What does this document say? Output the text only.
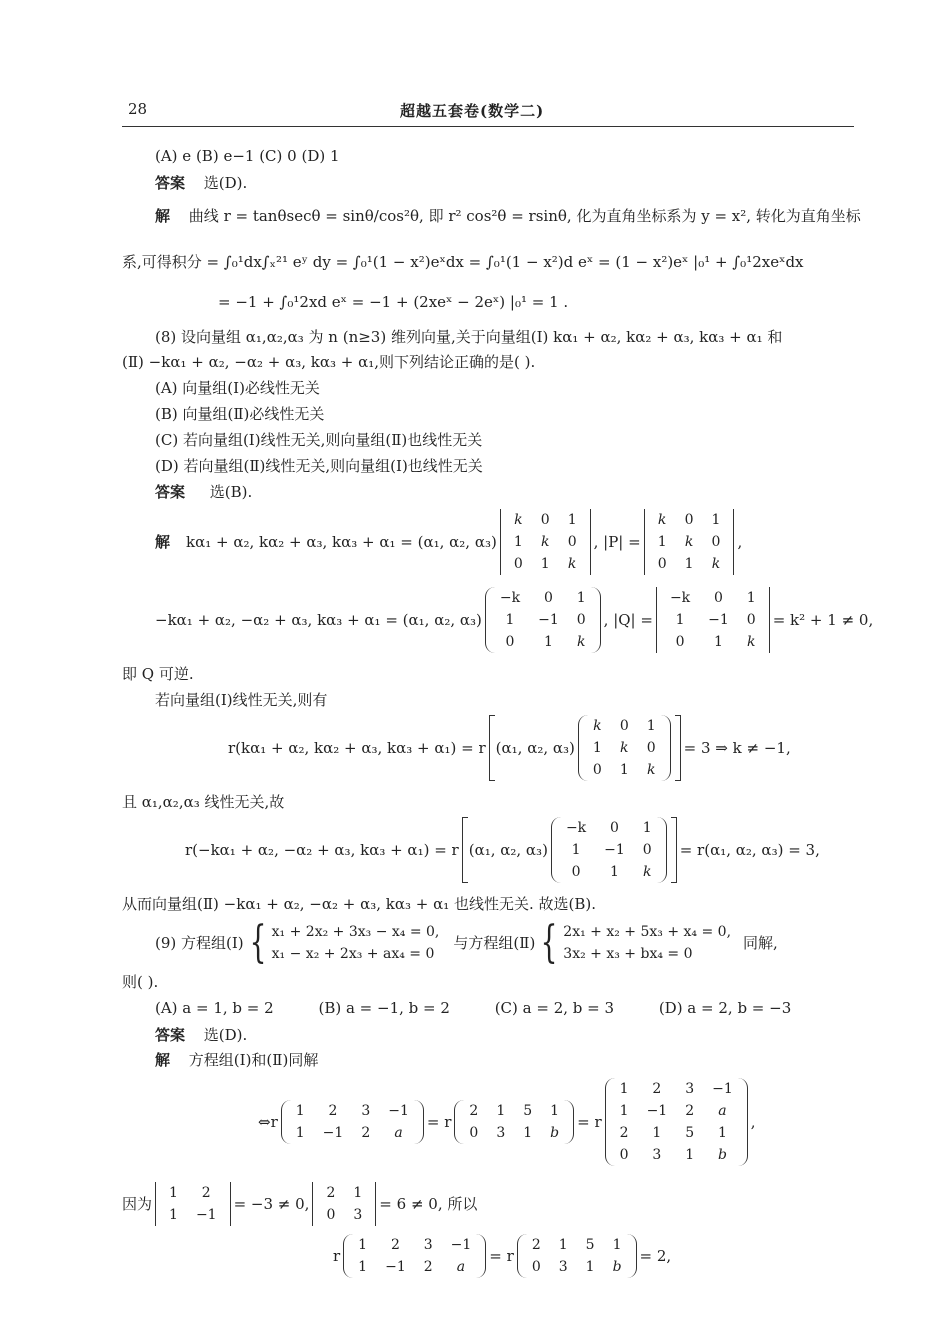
28	超越五套卷(数学二)
(A) e (B) e−1 (C) 0 (D) 1
答案 选(D).
解 曲线 r = tanθsecθ = sinθ/cos²θ, 即 r² cos²θ = rsinθ, 化为直角坐标系为 y = x², 转化为直角坐标
系,可得积分 = ∫₀¹dx∫ₓ²¹ eʸ dy = ∫₀¹(1 − x²)eˣdx = ∫₀¹(1 − x²)d eˣ = (1 − x²)eˣ |₀¹ + ∫₀¹2xeˣdx
= −1 + ∫₀¹2xd eˣ = −1 + (2xeˣ − 2eˣ) |₀¹ = 1 .
(8) 设向量组 α₁,α₂,α₃ 为 n (n≥3) 维列向量,关于向量组(Ⅰ) kα₁ + α₂, kα₂ + α₃, kα₃ + α₁ 和
(Ⅱ) −kα₁ + α₂, −α₂ + α₃, kα₃ + α₁,则下列结论正确的是( ).
(A) 向量组(Ⅰ)必线性无关
(B) 向量组(Ⅱ)必线性无关
(C) 若向量组(Ⅰ)线性无关,则向量组(Ⅱ)也线性无关
(D) 若向量组(Ⅱ)线性无关,则向量组(Ⅰ)也线性无关
答案 选(B).
解 kα₁ + α₂, kα₂ + α₃, kα₃ + α₁ = (α₁, α₂, α₃)
k	0	1
1	k	0
0	1	k
, |P| =
k	0	1
1	k	0
0	1	k
,
−kα₁ + α₂, −α₂ + α₃, kα₃ + α₁ = (α₁, α₂, α₃)
−k	0	1
1	−1	0
0	1	k
, |Q| =
−k	0	1
1	−1	0
0	1	k
= k² + 1 ≠ 0,
即 Q 可逆.
若向量组(Ⅰ)线性无关,则有
r(kα₁ + α₂, kα₂ + α₃, kα₃ + α₁) = r (α₁, α₂, α₃)
k	0	1
1	k	0
0	1	k
= 3 ⇒ k ≠ −1,
且 α₁,α₂,α₃ 线性无关,故
r(−kα₁ + α₂, −α₂ + α₃, kα₃ + α₁) = r (α₁, α₂, α₃)
−k	0	1
1	−1	0
0	1	k
= r(α₁, α₂, α₃) = 3,
从而向量组(Ⅱ) −kα₁ + α₂, −α₂ + α₃, kα₃ + α₁ 也线性无关. 故选(B).
(9) 方程组(Ⅰ) { x₁ + 2x₂ + 3x₃ − x₄ = 0,
x₁ − x₂ + 2x₃ + ax₄ = 0
与方程组(Ⅱ) { 2x₁ + x₂ + 5x₃ + x₄ = 0,
3x₂ + x₃ + bx₄ = 0
同解,
则( ).
(A) a = 1, b = 2	(B) a = −1, b = 2	(C) a = 2, b = 3	(D) a = 2, b = −3
答案 选(D).
解 方程组(Ⅰ)和(Ⅱ)同解
⇔r
1	2	3	−1
1	−1	2	a
= r
2	1	5	1
0	3	1	b
= r
1	2	3	−1
1	−1	2	a
2	1	5	1
0	3	1	b
,
因为
1	2
1	−1
= −3 ≠ 0,
2	1
0	3
= 6 ≠ 0, 所以
r
1	2	3	−1
1	−1	2	a
= r
2	1	5	1
0	3	1	b
= 2,
